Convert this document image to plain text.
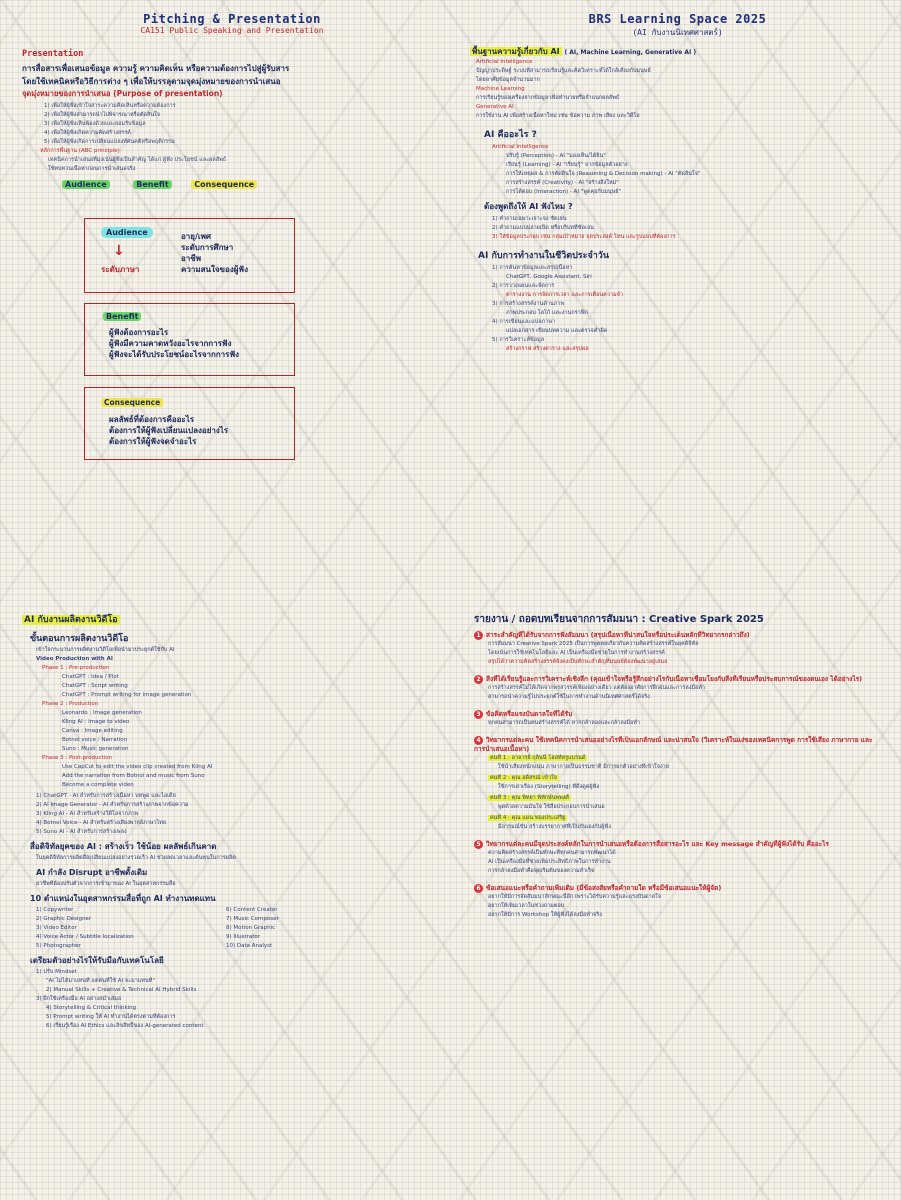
Pitching & Presentation
CA151 Public Speaking and Presentation
Presentation
การสื่อสารเพื่อเสนอข้อมูล ความรู้ ความคิดเห็น หรือความต้องการไปสู่ผู้รับสาร
โดยใช้เทคนิคหรือวิธีการต่าง ๆ เพื่อให้บรรลุตามจุดมุ่งหมายของการนำเสนอ
จุดมุ่งหมายของการนำเสนอ (Purpose of presentation)
1) เพื่อให้ผู้ฟังเข้าใจสาระความคิดเห็นหรือความต้องการ
2) เพื่อให้ผู้ฟังสามารถนำไปพิจารณาหรือตัดสินใจ
3) เพื่อให้ผู้ฟังเห็นพ้องด้วยและยอมรับข้อมูล
4) เพื่อให้ผู้ฟังเกิดความคิดสร้างสรรค์
5) เพื่อให้ผู้ฟังเกิดการเปลี่ยนแปลงทัศนคติหรือพฤติกรรม
หลักการพื้นฐาน (ABC principle)
เทคนิคการนำเสนอที่มุ่งเน้นผู้ฟังเป็นสำคัญ ได้แก่ ผู้ฟัง ประโยชน์ และผลลัพธ์
ใช้ทบทวนเนื้อหาก่อนการนำเสนอจริง
Audience	Benefit	Consequence
Audience
↓
ระดับภาษา
อายุ/เพศ
ระดับการศึกษา
อาชีพ
ความสนใจของผู้ฟัง
Benefit
ผู้ฟังต้องการอะไร
ผู้ฟังมีความคาดหวังอะไรจากการฟัง
ผู้ฟังจะได้รับประโยชน์อะไรจากการฟัง
Consequence
ผลลัพธ์ที่ต้องการคืออะไร
ต้องการให้ผู้ฟังเปลี่ยนแปลงอย่างไร
ต้องการให้ผู้ฟังจดจำอะไร
BRS Learning Space 2025
(AI กับงานนิเทศศาสตร์)
พื้นฐานความรู้เกี่ยวกับ AI ( AI, Machine Learning, Generative AI )
Artificial Intelligence
ปัญญาประดิษฐ์ ระบบที่สามารถเรียนรู้และคิดวิเคราะห์ได้ใกล้เคียงกับมนุษย์
โดยอาศัยข้อมูลจำนวนมาก
Machine Learning
การเรียนรู้ของเครื่องจากข้อมูล เพื่อทำนายหรือจำแนกผลลัพธ์
Generative AI
การใช้งาน AI เพื่อสร้างเนื้อหาใหม่ เช่น ข้อความ ภาพ เสียง และวิดีโอ
AI คืออะไร ?
Artificial Intelligence
ปรับรู้ (Perception) - AI "มองเห็น/ได้ยิน"
เรียนรู้ (Learning) - AI "เรียนรู้" จากข้อมูลตัวอย่าง
การให้เหตุผล & การตัดสินใจ (Reasoning & Decision making) - AI "ตัดสินใจ"
การสร้างสรรค์ (Creativity) - AI "สร้างสิ่งใหม่"
การโต้ตอบ (Interaction) - AI "พูดคุยกับมนุษย์"
ต้องพูดถึงให้ AI ฟังไหม ?
1) คำถามเฉพาะเจาะจง ชัดเจน
2) คำถามแบบปลายเปิด หรือบริบทที่ชัดเจน
3) ให้ข้อมูลประกอบ เช่น กลุ่มเป้าหมาย จุดประสงค์ โทน และรูปแบบที่ต้องการ
AI กับการทำงานในชีวิตประจำวัน
1) การค้นหาข้อมูลและสรุปเนื้อหา
ChatGPT, Google Assistant, Siri
2) การวางแผนและจัดการ
ตารางงาน การจัดการเวลา และการเตือนความจำ
3) การสร้างสรรค์งานด้านภาพ
ภาพประกอบ โลโก้ และงานกราฟิก
4) การเขียนและแปลภาษา
แปลเอกสาร เขียนบทความ และตรวจคำผิด
5) การวิเคราะห์ข้อมูล
สร้างกราฟ สร้างตาราง และสรุปผล
AI กับงานผลิตงานวิดีโอ
ขั้นตอนการผลิตงานวิดีโอ
เข้าใจกระบวนการผลิตงานวิดีโอเพื่อนำมาประยุกต์ใช้กับ AI
Video Production with AI
Phase 1 : Pre-production
ChatGPT : Idea / Plot
ChatGPT : Script writing
ChatGPT : Prompt writing for image generation
Phase 2 : Production
Leonardo : Image generation
Kling AI : Image to video
Canva : Image editing
Botnoi voice : Narration
Suno : Music generation
Phase 3 : Post-production
Use CapCut to edit the video clip created from Kling AI
Add the narration from Botnoi and music from Suno
Become a complete video
1) ChatGPT - AI สำหรับการสร้างเนื้อหา บทพูด และไอเดีย
2) AI Image Generator - AI สำหรับการสร้างภาพจากข้อความ
3) Kling AI - AI สำหรับสร้างวิดีโอจากภาพ
4) Botnoi Voice - AI สำหรับสร้างเสียงพากย์ภาษาไทย
5) Suno AI - AI สำหรับการสร้างเพลง
สื่อดิจิทัลยุคของ AI : สร้างเร็ว ใช้น้อย ผลลัพธ์เกินคาด
ในยุคดิจิทัลการผลิตสื่อเปลี่ยนแปลงอย่างรวดเร็ว AI ช่วยลดเวลาและต้นทุนในการผลิต
AI กำลัง Disrupt อาชีพดั้งเดิม
อาชีพที่ต้องปรับตัวจากการเข้ามาของ AI ในอุตสาหกรรมสื่อ
10 ตำแหน่งในอุตสาหกรรมสื่อที่ถูก AI ทำงานทดแทน
1) Copywriter
2) Graphic Designer
3) Video Editor
4) Voice Actor / Subtitle localization
5) Photographer
6) Content Creator
7) Music Composer
8) Motion Graphic
9) Illustrator
10) Data Analyst
เตรียมตัวอย่างไรให้รับมือกับเทคโนโลยี
1) ปรับ Mindset
"AI ไม่ได้มาแทนที่ แต่คนที่ใช้ AI จะมาแทนที่"
2) Manual Skills + Creative & Technical AI Hybrid Skills
3) ฝึกใช้เครื่องมือ AI อย่างสม่ำเสมอ
4) Storytelling & Critical thinking
5) Prompt writing ให้ AI ทำงานได้ตรงตามที่ต้องการ
6) เรียนรู้เรื่อง AI Ethics และลิขสิทธิ์ของ AI-generated content
รายงาน / ถอดบทเรียนจากการสัมมนา : Creative Spark 2025
1 สาระสำคัญที่ได้รับจากการฟังสัมมนา (สรุปเนื้อหาที่น่าสนใจหรือประเด็นหลักที่วิทยากรกล่าวถึง)
การสัมมนา Creative Spark 2025 เป็นการพูดคุยเกี่ยวกับความคิดสร้างสรรค์ในยุคดิจิทัล
โดยเน้นการใช้เทคโนโลยีและ AI เป็นเครื่องมือช่วยในการทำงานสร้างสรรค์
สรุปได้ว่าความคิดสร้างสรรค์ยังคงเป็นทักษะสำคัญที่มนุษย์ต้องพัฒนาอยู่เสมอ
2 สิ่งที่ได้เรียนรู้และการวิเคราะห์เชิงลึก (คุณเข้าใจหรือรู้สึกอย่างไรกับเนื้อหาเชื่อมโยงกับสิ่งที่เรียนหรือประสบการณ์ของตนเอง ได้อย่างไร)
การสร้างสรรค์ไม่ได้เกิดจากพรสวรรค์เพียงอย่างเดียว แต่ต้องอาศัยการฝึกฝนและการลงมือทำ
สามารถนำความรู้ไปประยุกต์ใช้ในการทำงานด้านนิเทศศาสตร์ได้จริง
3 ข้อคิดหรือแรงบันดาลใจที่ได้รับ
ทุกคนสามารถเป็นคนสร้างสรรค์ได้ หากกล้าลองและกล้าลงมือทำ
4 วิทยากรแต่ละคน ใช้เทคนิคการนำเสนออย่างไรที่เป็นเอกลักษณ์ และน่าสนใจ (วิเคราะห์ในแง่ของเทคนิคการพูด การใช้เสียง ภาษากาย และการนำเสนอเนื้อหา)
คนที่ 1 : อาจารย์ กุลินนี่ โฮสท์ทรูแบรนด์
ใช้น้ำเสียงหนักแน่น ภาษากายเป็นธรรมชาติ มีการยกตัวอย่างที่เข้าใจง่าย
คนที่ 2 : คุณ อดิสรณ์ เข้าใจ
ใช้การเล่าเรื่อง (Storytelling) ที่ดึงดูดผู้ฟัง
คนที่ 3 : คุณ พิทยา พิทักษ์นพพงศ์
พูดด้วยความมั่นใจ ใช้สื่อประกอบการนำเสนอ
คนที่ 4 : คุณ แมน ทองประเสริฐ
มีอารมณ์ขัน สร้างบรรยากาศที่เป็นกันเองกับผู้ฟัง
5 วิทยากรแต่ละคนมีจุดประสงค์หลักในการนำเสนอหรือต้องการสื่อสารอะไร และ Key message สำคัญที่ผู้ฟังได้รับ คืออะไร
ความคิดสร้างสรรค์เป็นทักษะที่ทุกคนสามารถพัฒนาได้
AI เป็นเครื่องมือที่ช่วยเพิ่มประสิทธิภาพในการทำงาน
การกล้าลงมือทำคือจุดเริ่มต้นของความสำเร็จ
6 ข้อเสนอแนะหรือคำถามเพิ่มเติม (มีข้อสงสัยหรือคำถามใด หรือมีข้อเสนอแนะให้ผู้จัด)
อยากให้มีการจัดสัมมนาลักษณะนี้อีก เพราะได้รับความรู้และแรงบันดาลใจ
อยากให้เพิ่มเวลาในช่วงถามตอบ
อยากให้มีการ Workshop ให้ผู้ฟังได้ลงมือทำจริง
